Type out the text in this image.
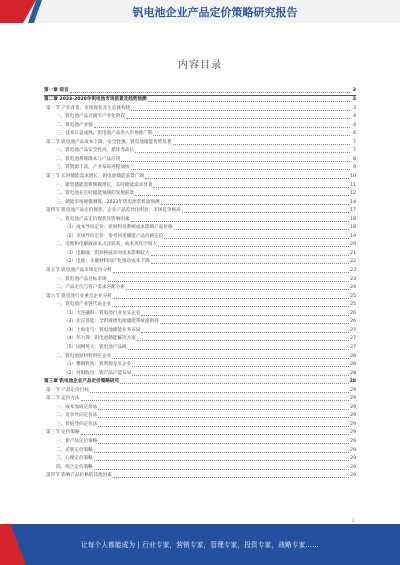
钒电池企业产品定价策略研究报告
内容目录
第一章 前言	3
第二章 2023-2028年钒电池市场前景及趋势预测	3
第一节 产业背景、市场现状及生态链构建	3
一、钒电池产品过渡至产业化阶段	4
二、钒电池产业链	4
三、技术日益成熟，钒电池产品进入市场推广期	6
第二节 钒电池产品成本下降，安全性强，钒电池储能优势显著	7
一、钒电池产品安全性高，循环寿命长	7
二、钒电池系统降本与产品应用	8
三、钒资源丰富，产业布局进程加快	9
第三节 长时储能需求增长，钒电池储能前景广阔	10
一、新型储能装机规模增长，长时储能需求显著	11
二、钒电池在长时储能领域的发展前景	12
三、储能市场规模测算，2023年钒电池装机量预测	14
第四节 钒电池产品定价现状，企业产品差异化明显，市场竞争格局	17
一、钒电池产品定价现状及影响因素	18
（1）成本导向定价：原材料及系统成本影响产品价格	18
（2）市场导向定价：参考同类储能产品价格定价	19
二、电堆和电解液成本占比较高，成本优化空间大	20
（1）电解液：钒价格波动对成本影响较大	21
（2）电堆：关键材料国产化推动成本下降	22
第五节 钒电池产品市场定位分析	23
一、钒电池产品目标市场	23
二、产品定位与客户需求匹配分析	24
第六节 钒电池行业重点企业分析	25
一、钒电池产业链代表企业	25
（1）大连融科：钒电池行业龙头企业	26
（2）北京普能：全钒液流电池储能系统提供商	26
（3）上海电气：钒电池储能业务布局	27
（4）伟力得：钒电池储能解决方案	27
（5）国网英大：钒电池产品线	27
二、钒电池原材料供应企业	28
（1）攀钢钒钛：钒资源龙头企业	28
（2）河钢股份：钒产品产能布局	28
第三章 钒电池企业产品定价策略研究	28
第一节 产品定价目标	29
第二节 定价方法	29
一、成本加成定价法	29
二、竞争导向定价法	29
三、价值导向定价法	29
第三节 定价策略	29
一、新产品定价策略	29
二、差别定价策略	29
三、心理定价策略	29
四、组合定价策略	29
第四节 影响产品价格的其他因素	29
2
让每个人都能成为 | 行业专家，营销专家，管理专家，投资专家，战略专家……
